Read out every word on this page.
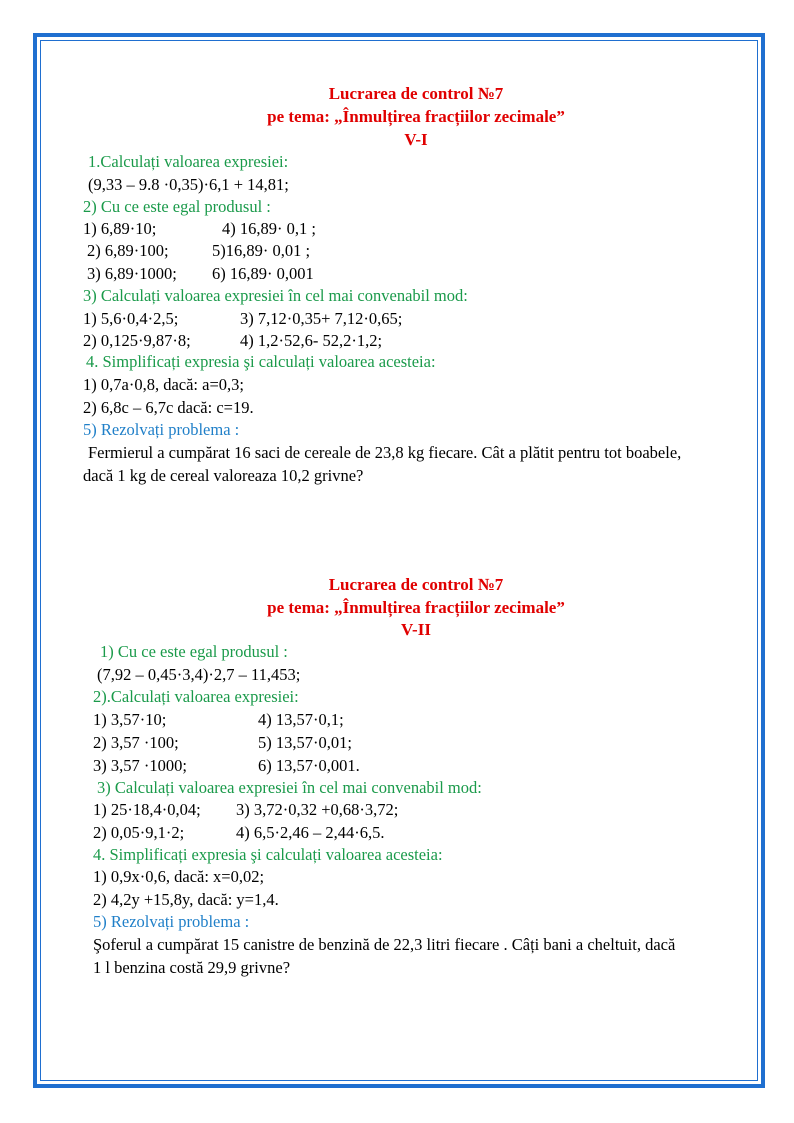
Lucrarea de control №7
pe tema: „Înmulțirea fracțiilor zecimale”
V-I
1.Calculați valoarea expresiei:
(9,33 – 9.8 ·0,35)·6,1 + 14,81;
2) Cu ce este egal produsul :
1) 6,89·10;	4) 16,89· 0,1 ;
2) 6,89·100;	5)16,89· 0,01 ;
3) 6,89·1000; 6) 16,89· 0,001
3) Calculați valoarea expresiei în cel mai convenabil mod:
1) 5,6·0,4·2,5;	3) 7,12·0,35+ 7,12·0,65;
2) 0,125·9,87·8;	4) 1,2·52,6- 52,2·1,2;
4. Simplificați expresia şi calculați valoarea acesteia:
1) 0,7a·0,8, dacă: a=0,3;
2) 6,8c – 6,7c dacă: c=19.
5) Rezolvați problema :
Fermierul a cumpărat 16 saci de cereale de 23,8 kg fiecare. Cât a plătit pentru tot boabele,
dacă 1 kg de cereal valoreaza 10,2 grivne?
Lucrarea de control №7
pe tema: „Înmulțirea fracțiilor zecimale”
V-II
1) Cu ce este egal produsul :
(7,92 – 0,45·3,4)·2,7 – 11,453;
2).Calculați valoarea expresiei:
1) 3,57·10;	4) 13,57·0,1;
2) 3,57 ·100;	5) 13,57·0,01;
3) 3,57 ·1000;	6) 13,57·0,001.
3) Calculați valoarea expresiei în cel mai convenabil mod:
1) 25·18,4·0,04; 3) 3,72·0,32 +0,68·3,72;
2) 0,05·9,1·2;	4) 6,5·2,46 – 2,44·6,5.
4. Simplificați expresia şi calculați valoarea acesteia:
1) 0,9x·0,6, dacă: x=0,02;
2) 4,2y +15,8y, dacă: y=1,4.
5) Rezolvați problema :
Şoferul a cumpărat 15 canistre de benzină de 22,3 litri fiecare . Câți bani a cheltuit, dacă
1 l benzina costă 29,9 grivne?
